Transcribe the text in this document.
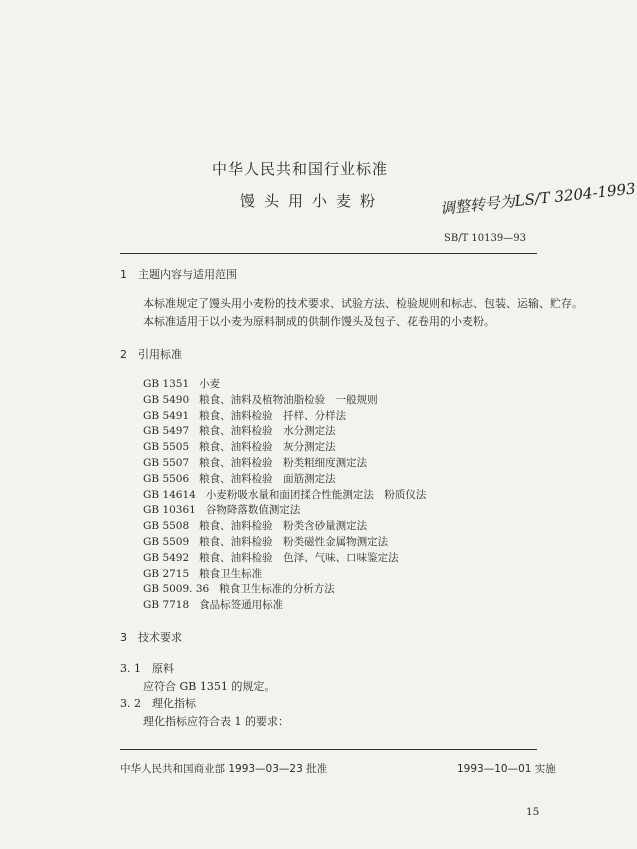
中华人民共和国行业标准
馒头用小麦粉	调整转号为LS/T 3204-1993
SB/T 10139—93
1　主题内容与适用范围
本标准规定了馒头用小麦粉的技术要求、试验方法、检验规则和标志、包装、运输、贮存。
本标准适用于以小麦为原料制成的供制作馒头及包子、花卷用的小麦粉。
2　引用标准
GB 1351 小麦
GB 5490 粮食、油料及植物油脂检验　一般规则
GB 5491 粮食、油料检验　扦样、分样法
GB 5497 粮食、油料检验　水分测定法
GB 5505 粮食、油料检验　灰分测定法
GB 5507 粮食、油料检验　粉类粗细度测定法
GB 5506 粮食、油料检验　面筋测定法
GB 14614 小麦粉吸水量和面团揉合性能测定法　粉质仪法
GB 10361 谷物降落数值测定法
GB 5508 粮食、油料检验　粉类含砂量测定法
GB 5509 粮食、油料检验　粉类磁性金属物测定法
GB 5492 粮食、油料检验　色泽、气味、口味鉴定法
GB 2715 粮食卫生标准
GB 5009. 36 粮食卫生标准的分析方法
GB 7718 食品标签通用标准
3　技术要求
3. 1　原料
应符合 GB 1351 的规定。
3. 2　理化指标
理化指标应符合表 1 的要求：
中华人民共和国商业部 1993—03—23 批准	1993—10—01 实施
15
